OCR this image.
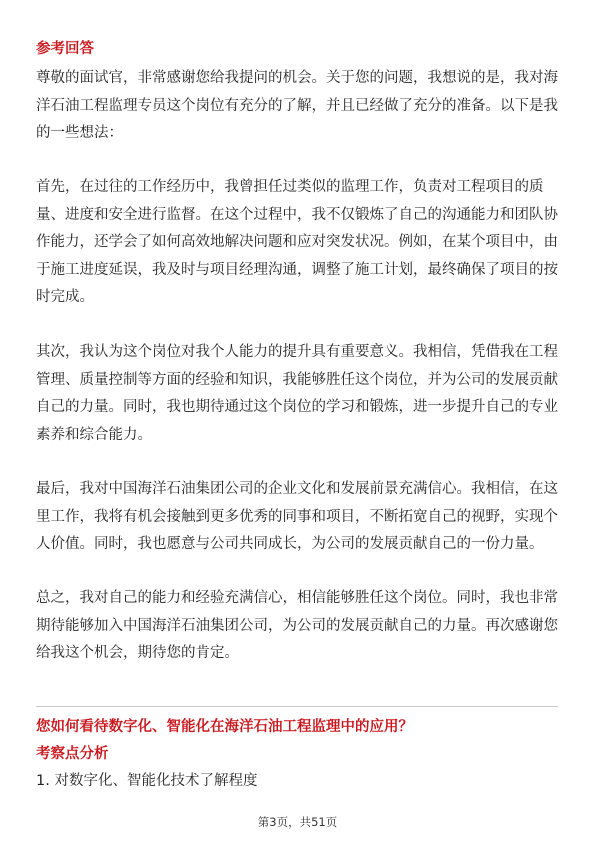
参考回答
尊敬的面试官，非常感谢您给我提问的机会。关于您的问题，我想说的是，我对海
洋石油工程监理专员这个岗位有充分的了解，并且已经做了充分的准备。以下是我
的一些想法：
首先，在过往的工作经历中，我曾担任过类似的监理工作，负责对工程项目的质
量、进度和安全进行监督。在这个过程中，我不仅锻炼了自己的沟通能力和团队协
作能力，还学会了如何高效地解决问题和应对突发状况。例如，在某个项目中，由
于施工进度延误，我及时与项目经理沟通，调整了施工计划，最终确保了项目的按
时完成。
其次，我认为这个岗位对我个人能力的提升具有重要意义。我相信，凭借我在工程
管理、质量控制等方面的经验和知识，我能够胜任这个岗位，并为公司的发展贡献
自己的力量。同时，我也期待通过这个岗位的学习和锻炼，进一步提升自己的专业
素养和综合能力。
最后，我对中国海洋石油集团公司的企业文化和发展前景充满信心。我相信，在这
里工作，我将有机会接触到更多优秀的同事和项目，不断拓宽自己的视野，实现个
人价值。同时，我也愿意与公司共同成长，为公司的发展贡献自己的一份力量。
总之，我对自己的能力和经验充满信心，相信能够胜任这个岗位。同时，我也非常
期待能够加入中国海洋石油集团公司，为公司的发展贡献自己的力量。再次感谢您
给我这个机会，期待您的肯定。
您如何看待数字化、智能化在海洋石油工程监理中的应用？
考察点分析
1. 对数字化、智能化技术了解程度
第3页，共51页
